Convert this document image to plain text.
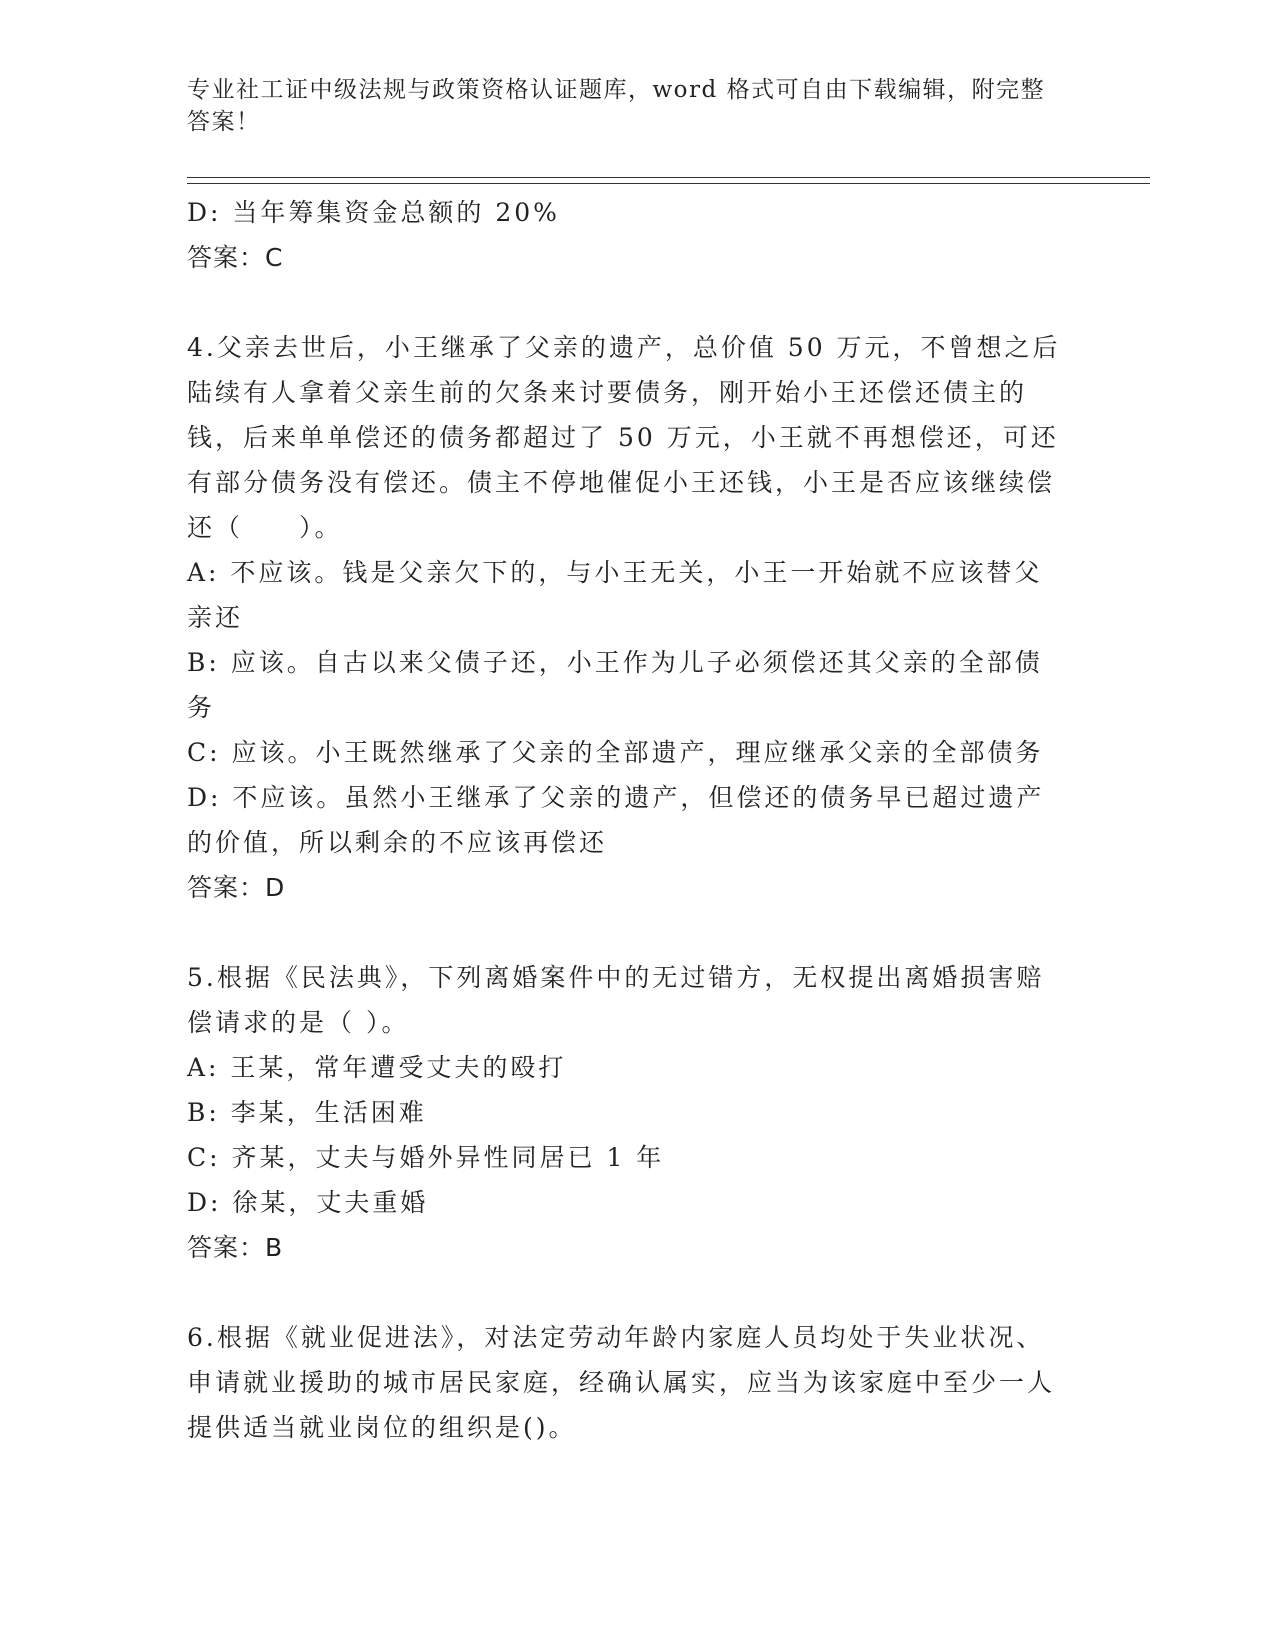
专业社工证中级法规与政策资格认证题库，word 格式可自由下载编辑，附完整答案！

D: 当年筹集资金总额的 20%

答案：C

4.父亲去世后，小王继承了父亲的遗产，总价值 50 万元，不曾想之后陆续有人拿着父亲生前的欠条来讨要债务，刚开始小王还偿还债主的钱，后来单单偿还的债务都超过了 50 万元，小王就不再想偿还，可还有部分债务没有偿还。债主不停地催促小王还钱，小王是否应该继续偿还（　　）。

A: 不应该。钱是父亲欠下的，与小王无关，小王一开始就不应该替父亲还

B: 应该。自古以来父债子还，小王作为儿子必须偿还其父亲的全部债务

C: 应该。小王既然继承了父亲的全部遗产，理应继承父亲的全部债务

D: 不应该。虽然小王继承了父亲的遗产，但偿还的债务早已超过遗产的价值，所以剩余的不应该再偿还

答案：D

5.根据《民法典》，下列离婚案件中的无过错方，无权提出离婚损害赔偿请求的是（ ）。

A: 王某，常年遭受丈夫的殴打

B: 李某，生活困难

C: 齐某，丈夫与婚外异性同居已 1 年

D: 徐某，丈夫重婚

答案：B

6.根据《就业促进法》，对法定劳动年龄内家庭人员均处于失业状况、申请就业援助的城市居民家庭，经确认属实，应当为该家庭中至少一人提供适当就业岗位的组织是()。
